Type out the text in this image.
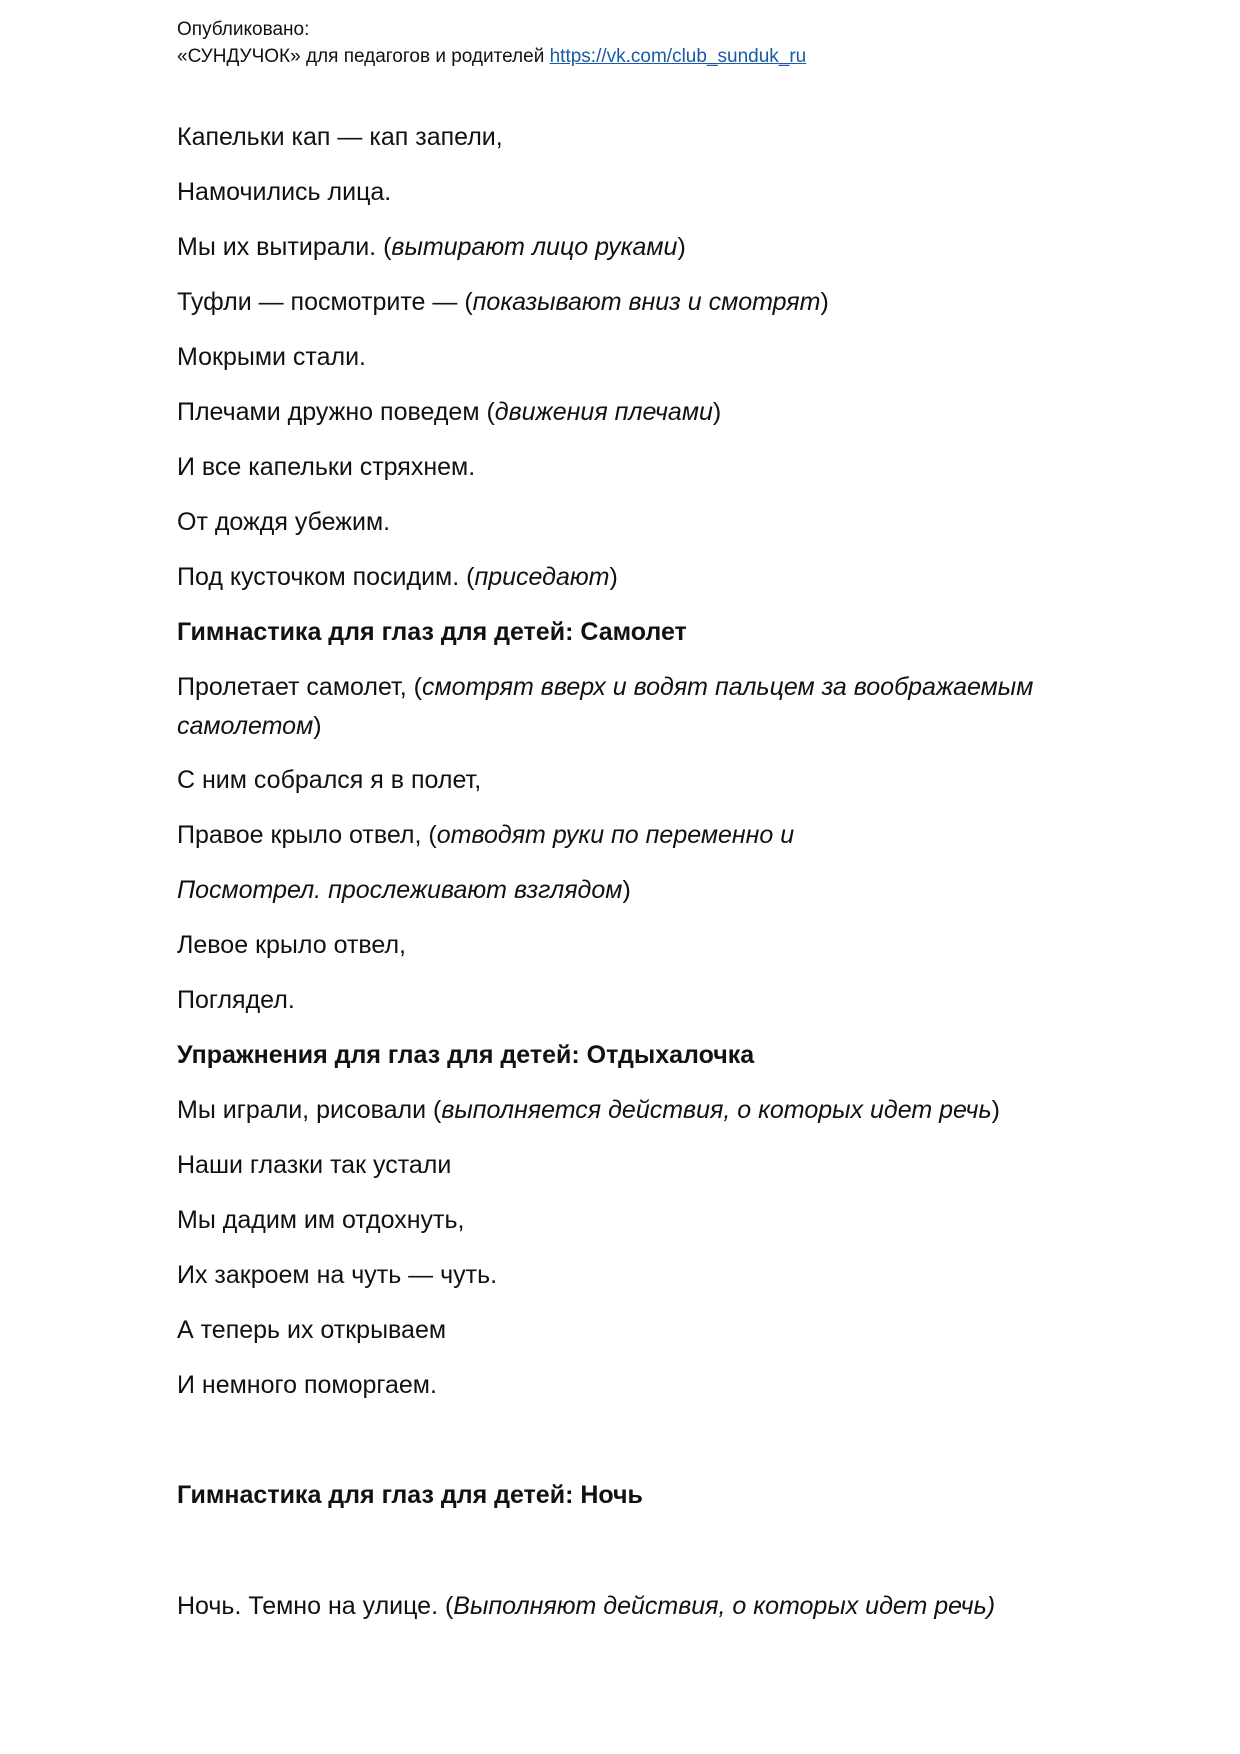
Опубликовано:
«СУНДУЧОК» для педагогов и родителей https://vk.com/club_sunduk_ru
Капельки кап — кап запели,
Намочились лица.
Мы их вытирали. (вытирают лицо руками)
Туфли — посмотрите — (показывают вниз и смотрят)
Мокрыми стали.
Плечами дружно поведем (движения плечами)
И все капельки стряхнем.
От дождя убежим.
Под кусточком посидим. (приседают)
Гимнастика для глаз для детей: Самолет
Пролетает самолет, (смотрят вверх и водят пальцем за воображаемым самолетом)
С ним собрался я в полет,
Правое крыло отвел, (отводят руки по переменно и
Посмотрел. прослеживают взглядом)
Левое крыло отвел,
Поглядел.
Упражнения для глаз для детей: Отдыхалочка
Мы играли, рисовали (выполняется действия, о которых идет речь)
Наши глазки так устали
Мы дадим им отдохнуть,
Их закроем на чуть — чуть.
А теперь их открываем
И немного поморгаем.
Гимнастика для глаз для детей: Ночь
Ночь. Темно на улице. (Выполняют действия, о которых идет речь)
